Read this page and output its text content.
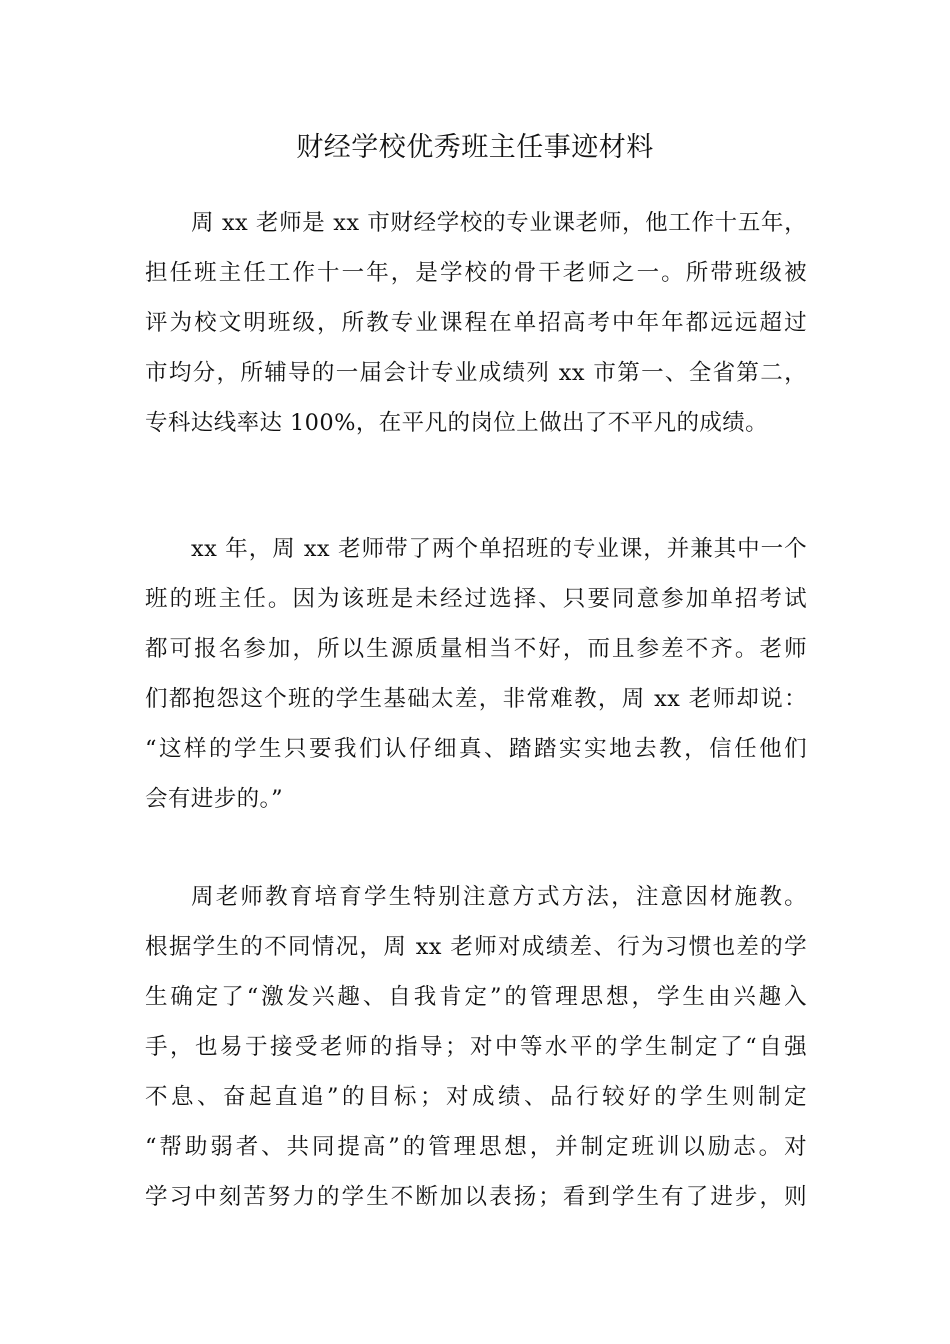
财经学校优秀班主任事迹材料
周 xx 老师是 xx 市财经学校的专业课老师，他工作十五年，
担任班主任工作十一年，是学校的骨干老师之一。所带班级被
评为校文明班级，所教专业课程在单招高考中年年都远远超过
市均分，所辅导的一届会计专业成绩列 xx 市第一、全省第二，
专科达线率达 100%，在平凡的岗位上做出了不平凡的成绩。
xx 年，周 xx 老师带了两个单招班的专业课，并兼其中一个
班的班主任。因为该班是未经过选择、只要同意参加单招考试
都可报名参加，所以生源质量相当不好，而且参差不齐。老师
们都抱怨这个班的学生基础太差，非常难教，周 xx 老师却说：
“这样的学生只要我们认仔细真、踏踏实实地去教，信任他们
会有进步的。”
周老师教育培育学生特别注意方式方法，注意因材施教。
根据学生的不同情况，周 xx 老师对成绩差、行为习惯也差的学
生确定了“激发兴趣、自我肯定”的管理思想，学生由兴趣入
手，也易于接受老师的指导；对中等水平的学生制定了“自强
不息、奋起直追”的目标；对成绩、品行较好的学生则制定
“帮助弱者、共同提高”的管理思想，并制定班训以励志。对
学习中刻苦努力的学生不断加以表扬；看到学生有了进步，则
